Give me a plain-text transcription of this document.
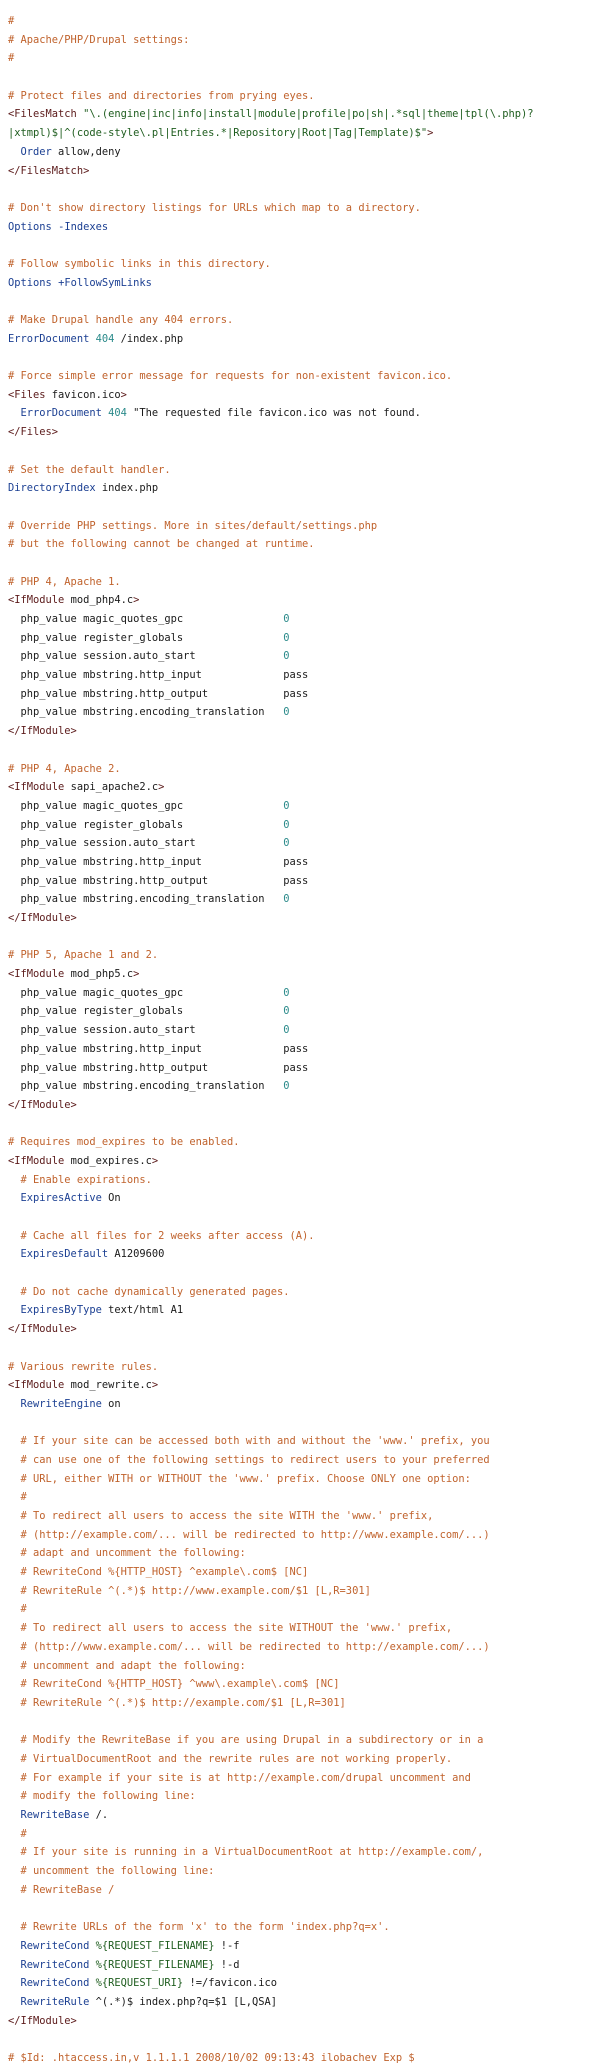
#
# Apache/PHP/Drupal settings:
#
# Protect files and directories from prying eyes.
<FilesMatch "\.(engine|inc|info|install|module|profile|po|sh|.*sql|theme|tpl(\.php)?
|xtmpl)$|^(code-style\.pl|Entries.*|Repository|Root|Tag|Template)$">
Order allow,deny
</FilesMatch>
# Don't show directory listings for URLs which map to a directory.
Options -Indexes
# Follow symbolic links in this directory.
Options +FollowSymLinks
# Make Drupal handle any 404 errors.
ErrorDocument 404 /index.php
# Force simple error message for requests for non-existent favicon.ico.
<Files favicon.ico>
ErrorDocument 404 "The requested file favicon.ico was not found.
</Files>
# Set the default handler.
DirectoryIndex index.php
# Override PHP settings. More in sites/default/settings.php
# but the following cannot be changed at runtime.
# PHP 4, Apache 1.
<IfModule mod_php4.c>
php_value magic_quotes_gpc                0
php_value register_globals                0
php_value session.auto_start              0
php_value mbstring.http_input             pass
php_value mbstring.http_output            pass
php_value mbstring.encoding_translation   0
</IfModule>
# PHP 4, Apache 2.
<IfModule sapi_apache2.c>
php_value magic_quotes_gpc                0
php_value register_globals                0
php_value session.auto_start              0
php_value mbstring.http_input             pass
php_value mbstring.http_output            pass
php_value mbstring.encoding_translation   0
</IfModule>
# PHP 5, Apache 1 and 2.
<IfModule mod_php5.c>
php_value magic_quotes_gpc                0
php_value register_globals                0
php_value session.auto_start              0
php_value mbstring.http_input             pass
php_value mbstring.http_output            pass
php_value mbstring.encoding_translation   0
</IfModule>
# Requires mod_expires to be enabled.
<IfModule mod_expires.c>
# Enable expirations.
ExpiresActive On
# Cache all files for 2 weeks after access (A).
ExpiresDefault A1209600
# Do not cache dynamically generated pages.
ExpiresByType text/html A1
</IfModule>
# Various rewrite rules.
<IfModule mod_rewrite.c>
RewriteEngine on
# If your site can be accessed both with and without the 'www.' prefix, you
# can use one of the following settings to redirect users to your preferred
# URL, either WITH or WITHOUT the 'www.' prefix. Choose ONLY one option:
#
# To redirect all users to access the site WITH the 'www.' prefix,
# (http://example.com/... will be redirected to http://www.example.com/...)
# adapt and uncomment the following:
# RewriteCond %{HTTP_HOST} ^example\.com$ [NC]
# RewriteRule ^(.*)$ http://www.example.com/$1 [L,R=301]
#
# To redirect all users to access the site WITHOUT the 'www.' prefix,
# (http://www.example.com/... will be redirected to http://example.com/...)
# uncomment and adapt the following:
# RewriteCond %{HTTP_HOST} ^www\.example\.com$ [NC]
# RewriteRule ^(.*)$ http://example.com/$1 [L,R=301]
# Modify the RewriteBase if you are using Drupal in a subdirectory or in a
# VirtualDocumentRoot and the rewrite rules are not working properly.
# For example if your site is at http://example.com/drupal uncomment and
# modify the following line:
RewriteBase /.
#
# If your site is running in a VirtualDocumentRoot at http://example.com/,
# uncomment the following line:
# RewriteBase /
# Rewrite URLs of the form 'x' to the form 'index.php?q=x'.
RewriteCond %{REQUEST_FILENAME} !-f
RewriteCond %{REQUEST_FILENAME} !-d
RewriteCond %{REQUEST_URI} !=/favicon.ico
RewriteRule ^(.*)$ index.php?q=$1 [L,QSA]
</IfModule>
# $Id: .htaccess.in,v 1.1.1.1 2008/10/02 09:13:43 ilobachev Exp $
